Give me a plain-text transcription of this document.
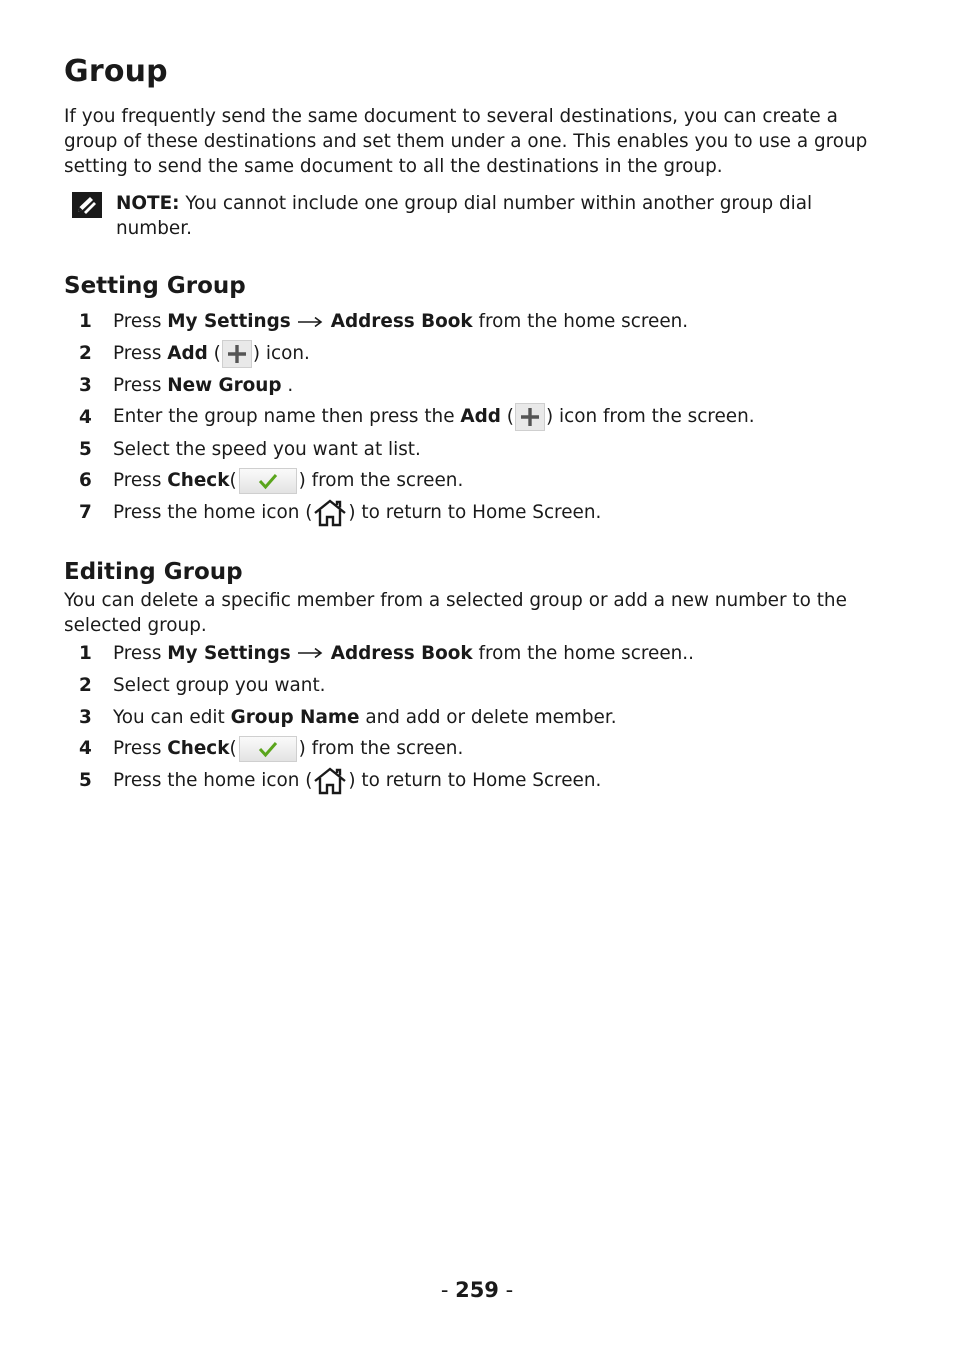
Group

If you frequently send the same document to several destinations, you can create a group of these destinations and set them under a one. This enables you to use a group setting to send the same document to all the destinations in the group.

NOTE: You cannot include one group dial number within another group dial number.
Setting Group
1	Press My Settings Address Book from the home screen.
2	Press Add ( ) icon.
3	Press New Group .
4	Enter the group name then press the Add ( ) icon from the screen.
5	Select the speed you want at list.
6	Press Check(	) from the screen.
7	Press the home icon ( ) to return to Home Screen.
Editing Group

You can delete a specific member from a selected group or add a new number to the selected group.

1	Press My Settings Address Book from the home screen..
2	Select group you want.
3	You can edit Group Name and add or delete member.
4	Press Check(	) from the screen.
5	Press the home icon ( ) to return to Home Screen.
- 259 -
